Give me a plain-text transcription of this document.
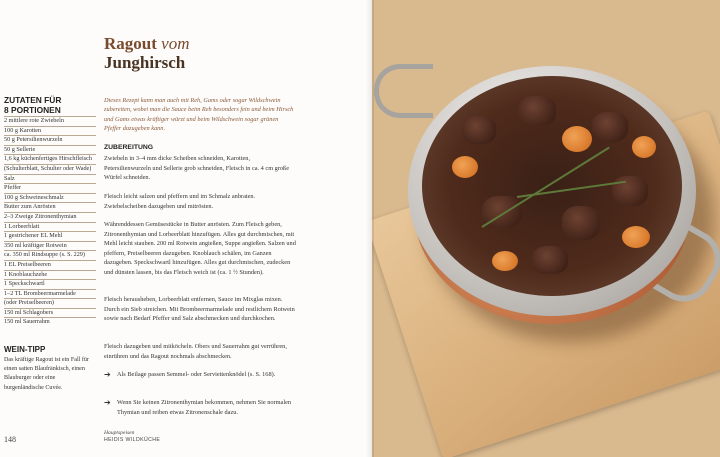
Ragout vom
Junghirsch
ZUTATEN FÜR
8 PORTIONEN
2 mittlere rote Zwiebeln
100 g Karotten
50 g Petersilienwurzeln
50 g Sellerie
1,6 kg küchenfertiges Hirschfleisch
(Schulterblatt, Schulter oder Wade)
Salz
Pfeffer
100 g Schweineschmalz
Butter zum Anrösten
2–3 Zweige Zitronenthymian
1 Lorbeerblatt
1 gestrichener EL Mehl
350 ml kräftiger Rotwein
ca. 350 ml Rindsuppe (s. S. 229)
1 EL Preiselbeeren
1 Knoblauchzehe
1 Speckschwartl
1–2 TL Brombeermarmelade
(oder Preiselbeeren)
150 ml Schlagobers
150 ml Sauerrahm
WEIN-TIPP
Das kräftige Ragout ist ein Fall für einen satten Blaufränkisch, einen Blauburger oder eine burgenländische Cuvée.
Dieses Rezept kann man auch mit Reh, Gams oder sogar Wildschwein zubereiten, wobei man die Sauce beim Reh besonders fein und beim Hirsch und Gams etwas kräftiger würzt und beim Wildschwein sogar grünen Pfeffer dazugeben kann.
ZUBEREITUNG
Zwiebeln in 3–4 mm dicke Scheiben schneiden, Karotten, Petersilienwurzeln und Sellerie grob schneiden, Fleisch in ca. 4 cm große Würfel schneiden.
Fleisch leicht salzen und pfeffern und im Schmalz anbraten. Zwiebelscheiben dazugeben und mitrösten.
Währenddessen Gemüsestücke in Butter anrösten. Zum Fleisch geben, Zitronenthymian und Lorbeerblatt hinzufügen. Alles gut durchmischen, mit Mehl leicht stauben. 200 ml Rotwein angießen, Suppe angießen. Salzen und pfeffern, Preiselbeeren dazugeben. Knoblauch schälen, im Ganzen dazugeben. Speckschwartl hinzufügen. Alles gut durchmischen, zudecken und dünsten lassen, bis das Fleisch weich ist (ca. 1 ½ Stunden).
Fleisch herausheben, Lorbeerblatt entfernen, Sauce im Mixglas mixen. Durch ein Sieb streichen. Mit Brombeermarmelade und restlichem Rotwein sowie nach Bedarf Pfeffer und Salz abschmecken und durchkochen.
Fleisch dazugeben und mitköcheln. Obers und Sauerrahm gut verrühren, einrühren und das Ragout nochmals abschmecken.
➔ Als Beilage passen Semmel- oder Serviettenknödel (s. S. 168).
➔ Wenn Sie keinen Zitronenthymian bekommen, nehmen Sie normalen Thymian und reiben etwas Zitronenschale dazu.
148
Hauptspeisen
HEIDIS WILDKÜCHE
